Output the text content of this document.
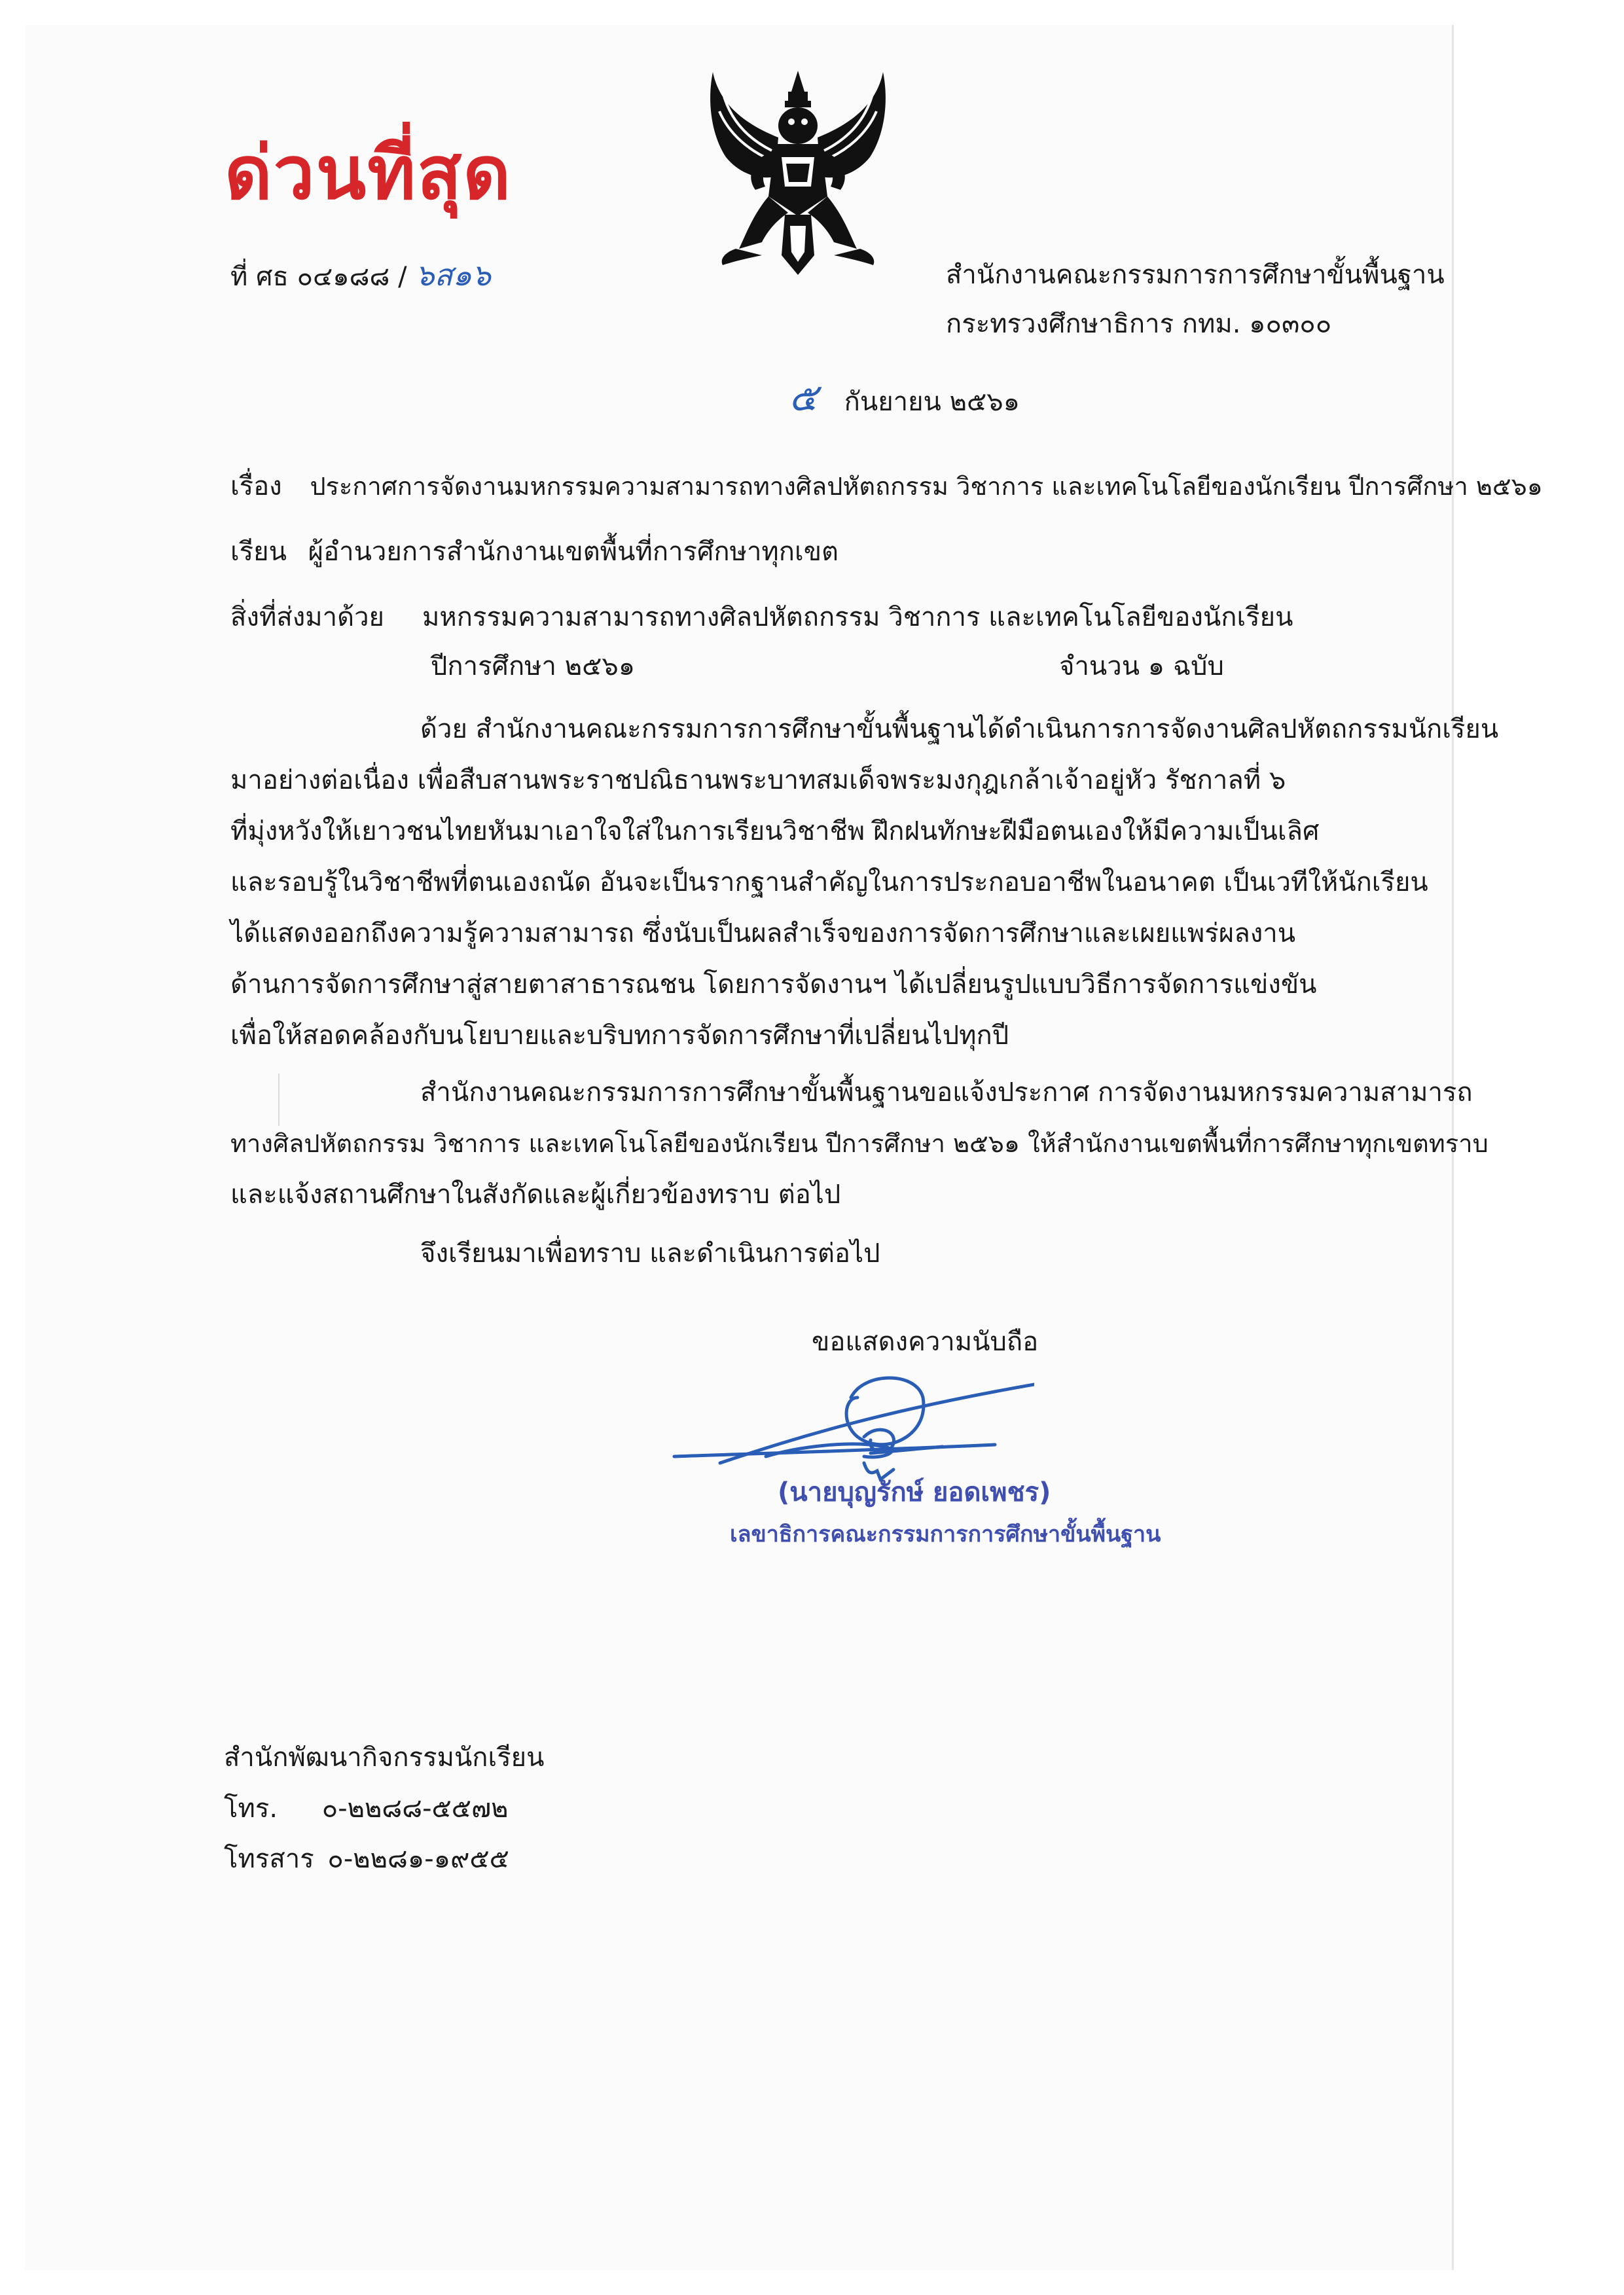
ด่วนที่สุด
ที่ ศธ ๐๔๑๘๘ / ๖ส๑๖	สำนักงานคณะกรรมการการศึกษาขั้นพื้นฐาน
กระทรวงศึกษาธิการ กทม. ๑๐๓๐๐
๕ กันยายน ๒๕๖๑
เรื่อง ประกาศการจัดงานมหกรรมความสามารถทางศิลปหัตถกรรม วิชาการ และเทคโนโลยีของนักเรียน ปีการศึกษา ๒๕๖๑
เรียน ผู้อำนวยการสำนักงานเขตพื้นที่การศึกษาทุกเขต
สิ่งที่ส่งมาด้วย มหกรรมความสามารถทางศิลปหัตถกรรม วิชาการ และเทคโนโลยีของนักเรียน
ปีการศึกษา ๒๕๖๑	จำนวน ๑ ฉบับ
ด้วย สำนักงานคณะกรรมการการศึกษาขั้นพื้นฐานได้ดำเนินการการจัดงานศิลปหัตถกรรมนักเรียน
มาอย่างต่อเนื่อง เพื่อสืบสานพระราชปณิธานพระบาทสมเด็จพระมงกุฎเกล้าเจ้าอยู่หัว รัชกาลที่ ๖
ที่มุ่งหวังให้เยาวชนไทยหันมาเอาใจใส่ในการเรียนวิชาชีพ ฝึกฝนทักษะฝีมือตนเองให้มีความเป็นเลิศ
และรอบรู้ในวิชาชีพที่ตนเองถนัด อันจะเป็นรากฐานสำคัญในการประกอบอาชีพในอนาคต เป็นเวทีให้นักเรียน
ได้แสดงออกถึงความรู้ความสามารถ ซึ่งนับเป็นผลสำเร็จของการจัดการศึกษาและเผยแพร่ผลงาน
ด้านการจัดการศึกษาสู่สายตาสาธารณชน โดยการจัดงานฯ ได้เปลี่ยนรูปแบบวิธีการจัดการแข่งขัน
เพื่อให้สอดคล้องกับนโยบายและบริบทการจัดการศึกษาที่เปลี่ยนไปทุกปี
สำนักงานคณะกรรมการการศึกษาขั้นพื้นฐานขอแจ้งประกาศ การจัดงานมหกรรมความสามารถ
ทางศิลปหัตถกรรม วิชาการ และเทคโนโลยีของนักเรียน ปีการศึกษา ๒๕๖๑ ให้สำนักงานเขตพื้นที่การศึกษาทุกเขตทราบ
และแจ้งสถานศึกษาในสังกัดและผู้เกี่ยวข้องทราบ ต่อไป
จึงเรียนมาเพื่อทราบ และดำเนินการต่อไป
ขอแสดงความนับถือ
(นายบุญรักษ์ ยอดเพชร)
เลขาธิการคณะกรรมการการศึกษาขั้นพื้นฐาน
สำนักพัฒนากิจกรรมนักเรียน
โทร. ๐-๒๒๘๘-๕๕๗๒
โทรสาร ๐-๒๒๘๑-๑๙๕๕
